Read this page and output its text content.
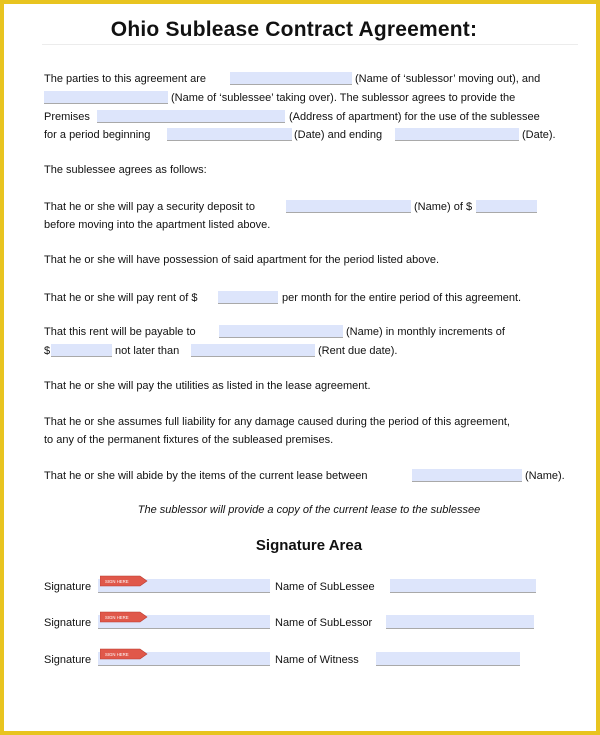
Ohio Sublease Contract Agreement:
The parties to this agreement are	(Name of ‘sublessor’ moving out), and
(Name of ‘sublessee’ taking over). The sublessor agrees to provide the
Premises	(Address of apartment) for the use of the sublessee
for a period beginning	(Date) and ending	(Date).
The sublessee agrees as follows:
That he or she will pay a security deposit to	(Name) of $
before moving into the apartment listed above.
That he or she will have possession of said apartment for the period listed above.
That he or she will pay rent of $	per month for the entire period of this agreement.
That this rent will be payable to	(Name) in monthly increments of
$	not later than	(Rent due date).
That he or she will pay the utilities as listed in the lease agreement.
That he or she assumes full liability for any damage caused during the period of this agreement,
to any of the permanent fixtures of the subleased premises.
That he or she will abide by the items of the current lease between	(Name).
The sublessor will provide a copy of the current lease to the sublessee
Signature Area
Signature	SIGN HERE	Name of SubLessee
Signature	SIGN HERE	Name of SubLessor
Signature	SIGN HERE	Name of Witness
